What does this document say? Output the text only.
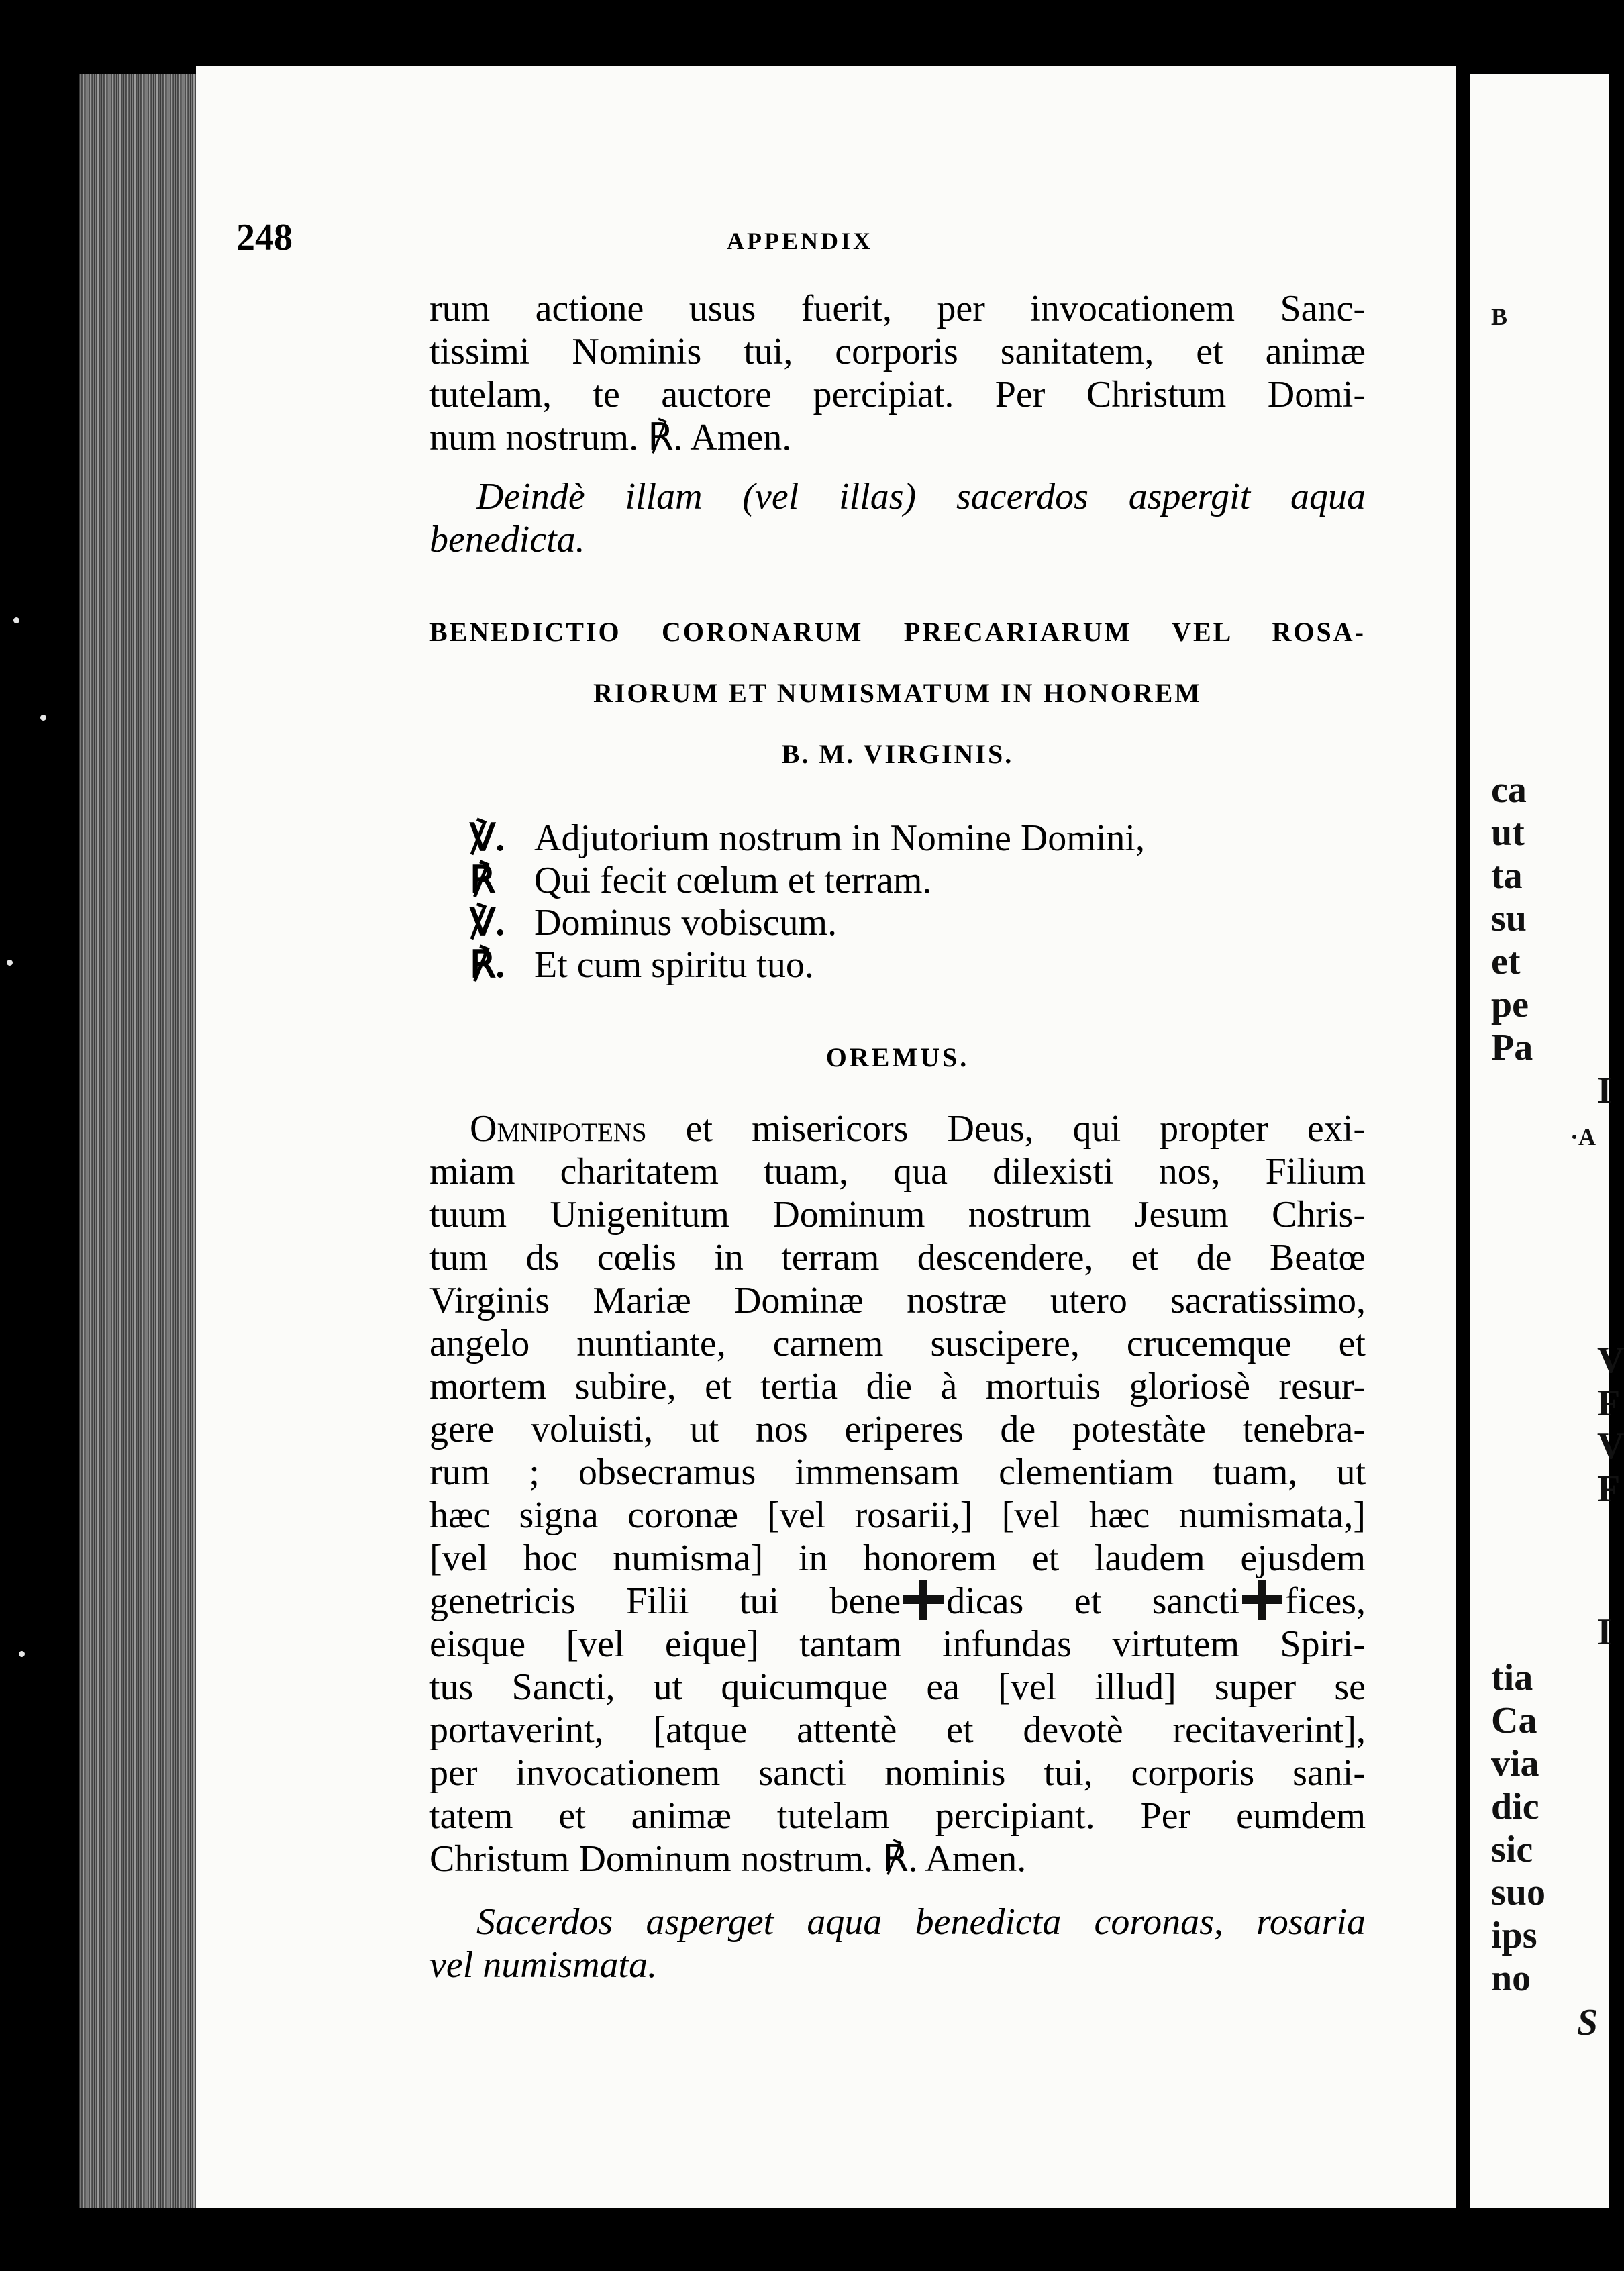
B
ca
ut
ta
su
et
pe
Pa
I
·A
V
F
V
F
I
tia
Ca
via
dic
sic
suo
ips
no
S
248	APPENDIX
rum actione usus fuerit, per invocationem Sanc-
tissimi Nominis tui, corporis sanitatem, et animæ
tutelam, te auctore percipiat. Per Christum Domi-
num nostrum. ℟. Amen.
Deindè illam (vel illas) sacerdos aspergit aqua
benedicta.
BENEDICTIO CORONARUM PRECARIARUM VEL ROSA-
RIORUM ET NUMISMATUM IN HONOREM
B. M. VIRGINIS.
℣. Adjutorium nostrum in Nomine Domini,
℟	Qui fecit cœlum et terram.
℣. Dominus vobiscum.
℟. Et cum spiritu tuo.
OREMUS.
Omnipotens et misericors Deus, qui propter exi-
miam charitatem tuam, qua dilexisti nos, Filium
tuum Unigenitum Dominum nostrum Jesum Chris-
tum ds cœlis in terram descendere, et de Beatœ
Virginis Mariæ Dominæ nostræ utero sacratissimo,
angelo nuntiante, carnem suscipere, crucemque et
mortem subire, et tertia die à mortuis gloriosè resur-
gere voluisti, ut nos eriperes de potestàte tenebra-
rum ; obsecramus immensam clementiam tuam, ut
hæc signa coronæ [vel rosarii,] [vel hæc numismata,]
[vel hoc numisma] in honorem et laudem ejusdem
genetricis Filii tui bene dicas et sancti fices,
eisque [vel eique] tantam infundas virtutem Spiri-
tus Sancti, ut quicumque ea [vel illud] super se
portaverint, [atque attentè et devotè recitaverint],
per invocationem sancti nominis tui, corporis sani-
tatem et animæ tutelam percipiant. Per eumdem
Christum Dominum nostrum. ℟. Amen.
Sacerdos asperget aqua benedicta coronas, rosaria
vel numismata.
